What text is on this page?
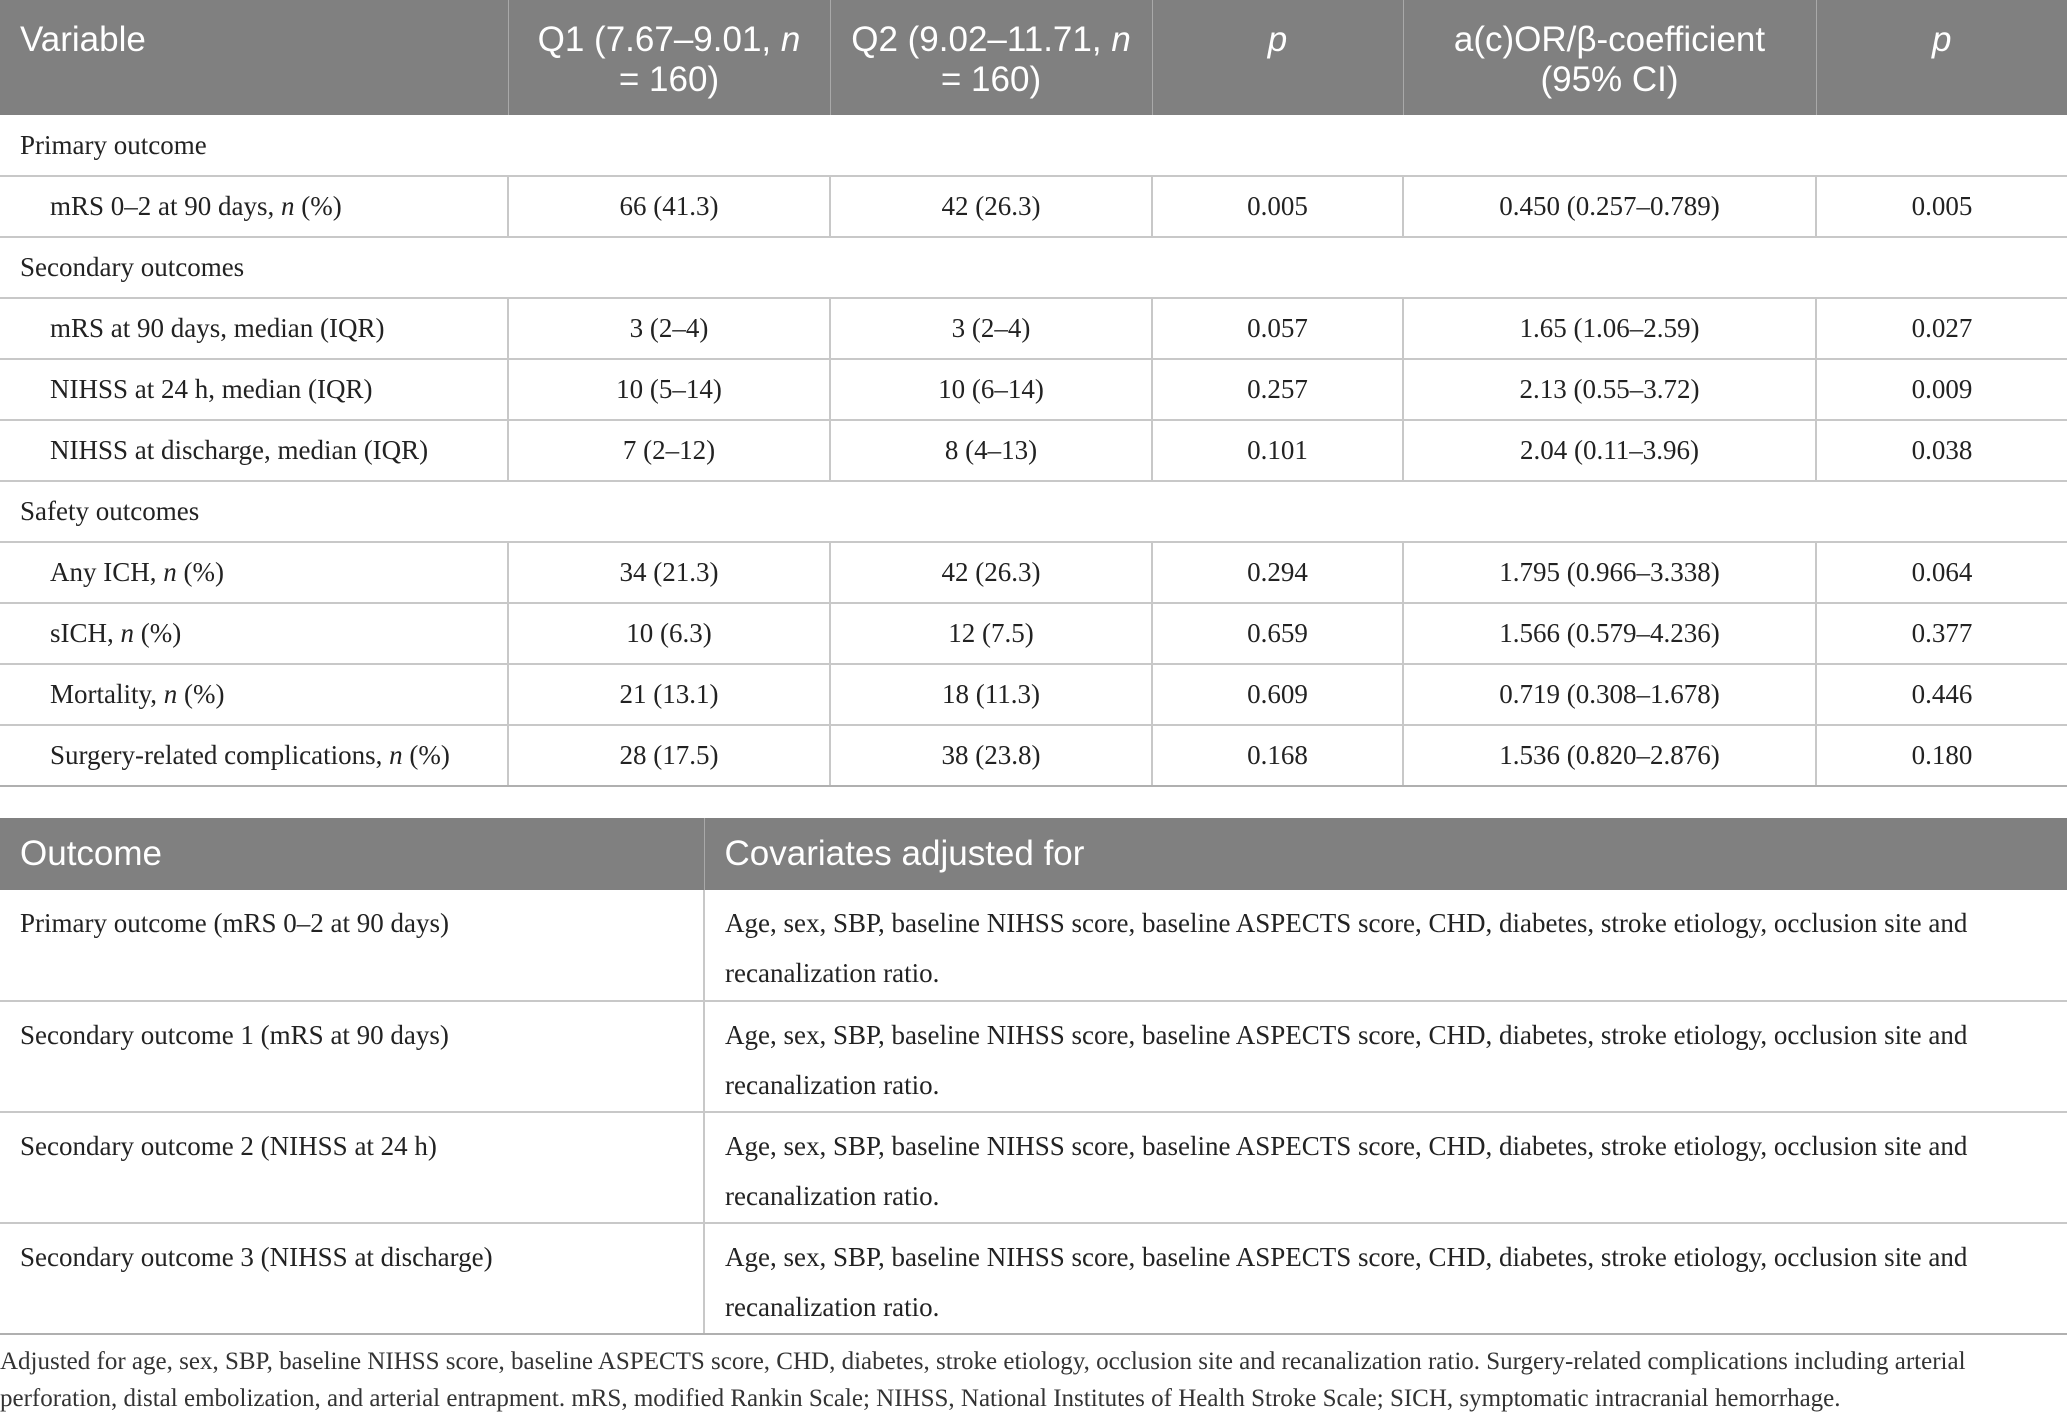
Variable	Q1 (7.67–9.01, n = 160)	Q2 (9.02–11.71, n = 160)	p	a(c)OR/β-coefficient (95% CI)	p
Primary outcome					
mRS 0–2 at 90 days, n (%)	66 (41.3)	42 (26.3)	0.005	0.450 (0.257–0.789)	0.005
Secondary outcomes					
mRS at 90 days, median (IQR)	3 (2–4)	3 (2–4)	0.057	1.65 (1.06–2.59)	0.027
NIHSS at 24 h, median (IQR)	10 (5–14)	10 (6–14)	0.257	2.13 (0.55–3.72)	0.009
NIHSS at discharge, median (IQR)	7 (2–12)	8 (4–13)	0.101	2.04 (0.11–3.96)	0.038
Safety outcomes					
Any ICH, n (%)	34 (21.3)	42 (26.3)	0.294	1.795 (0.966–3.338)	0.064
sICH, n (%)	10 (6.3)	12 (7.5)	0.659	1.566 (0.579–4.236)	0.377
Mortality, n (%)	21 (13.1)	18 (11.3)	0.609	0.719 (0.308–1.678)	0.446
Surgery-related complications, n (%)	28 (17.5)	38 (23.8)	0.168	1.536 (0.820–2.876)	0.180
Outcome	Covariates adjusted for
Primary outcome (mRS 0–2 at 90 days)	Age, sex, SBP, baseline NIHSS score, baseline ASPECTS score, CHD, diabetes, stroke etiology, occlusion site and recanalization ratio.
Secondary outcome 1 (mRS at 90 days)	Age, sex, SBP, baseline NIHSS score, baseline ASPECTS score, CHD, diabetes, stroke etiology, occlusion site and recanalization ratio.
Secondary outcome 2 (NIHSS at 24 h)	Age, sex, SBP, baseline NIHSS score, baseline ASPECTS score, CHD, diabetes, stroke etiology, occlusion site and recanalization ratio.
Secondary outcome 3 (NIHSS at discharge)	Age, sex, SBP, baseline NIHSS score, baseline ASPECTS score, CHD, diabetes, stroke etiology, occlusion site and recanalization ratio.

Adjusted for age, sex, SBP, baseline NIHSS score, baseline ASPECTS score, CHD, diabetes, stroke etiology, occlusion site and recanalization ratio. Surgery-related complications including arterial perforation, distal embolization, and arterial entrapment. mRS, modified Rankin Scale; NIHSS, National Institutes of Health Stroke Scale; SICH, symptomatic intracranial hemorrhage.
